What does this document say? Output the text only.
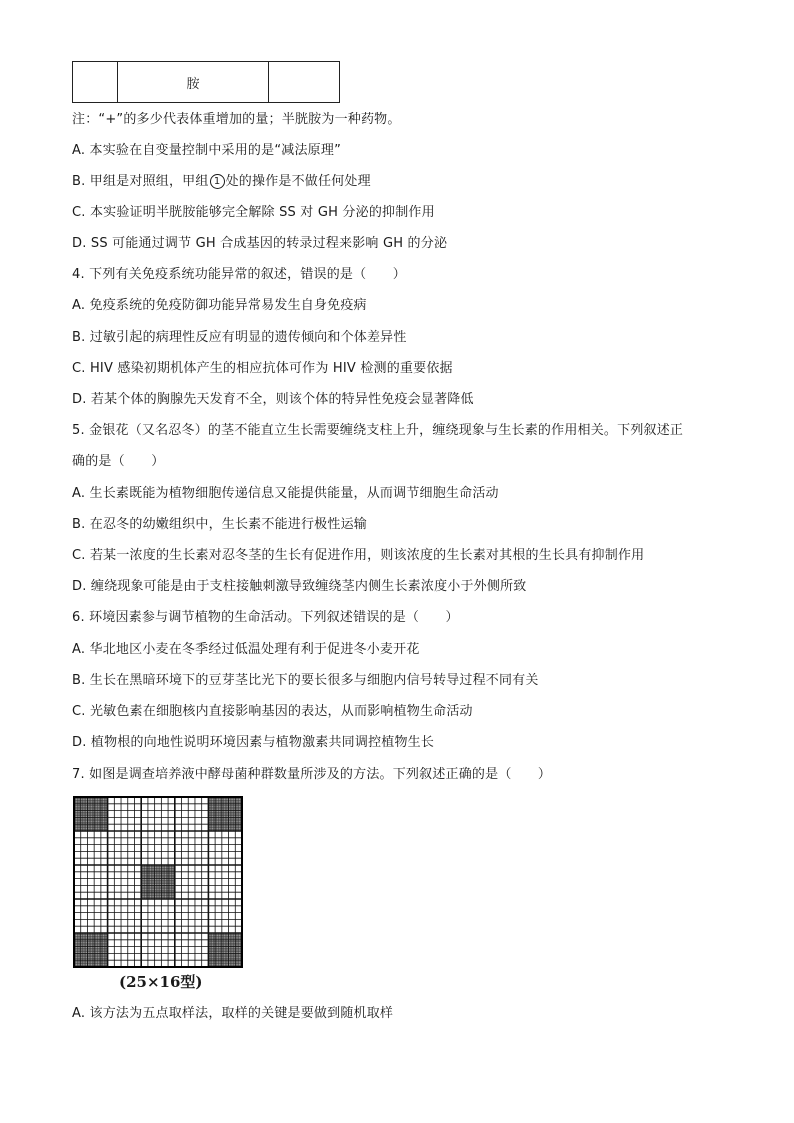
	胺	
注：“+”的多少代表体重增加的量；半胱胺为一种药物。
A. 本实验在自变量控制中采用的是“减法原理”
B. 甲组是对照组，甲组 1 处的操作是不做任何处理
C. 本实验证明半胱胺能够完全解除 SS 对 GH 分泌的抑制作用
D. SS 可能通过调节 GH 合成基因的转录过程来影响 GH 的分泌
4. 下列有关免疫系统功能异常的叙述，错误的是（　　）
A. 免疫系统的免疫防御功能异常易发生自身免疫病
B. 过敏引起的病理性反应有明显的遗传倾向和个体差异性
C. HIV 感染初期机体产生的相应抗体可作为 HIV 检测的重要依据
D. 若某个体的胸腺先天发育不全，则该个体的特异性免疫会显著降低
5. 金银花（又名忍冬）的茎不能直立生长需要缠绕支柱上升，缠绕现象与生长素的作用相关。下列叙述正
确的是（　　）
A. 生长素既能为植物细胞传递信息又能提供能量，从而调节细胞生命活动
B. 在忍冬的幼嫩组织中，生长素不能进行极性运输
C. 若某一浓度的生长素对忍冬茎的生长有促进作用，则该浓度的生长素对其根的生长具有抑制作用
D. 缠绕现象可能是由于支柱接触刺激导致缠绕茎内侧生长素浓度小于外侧所致
6. 环境因素参与调节植物的生命活动。下列叙述错误的是（　　）
A. 华北地区小麦在冬季经过低温处理有利于促进冬小麦开花
B. 生长在黑暗环境下的豆芽茎比光下的要长很多与细胞内信号转导过程不同有关
C. 光敏色素在细胞核内直接影响基因的表达，从而影响植物生命活动
D. 植物根的向地性说明环境因素与植物激素共同调控植物生长
7. 如图是调查培养液中酵母菌种群数量所涉及的方法。下列叙述正确的是（　　）
(25×16型)
A. 该方法为五点取样法，取样的关键是要做到随机取样
